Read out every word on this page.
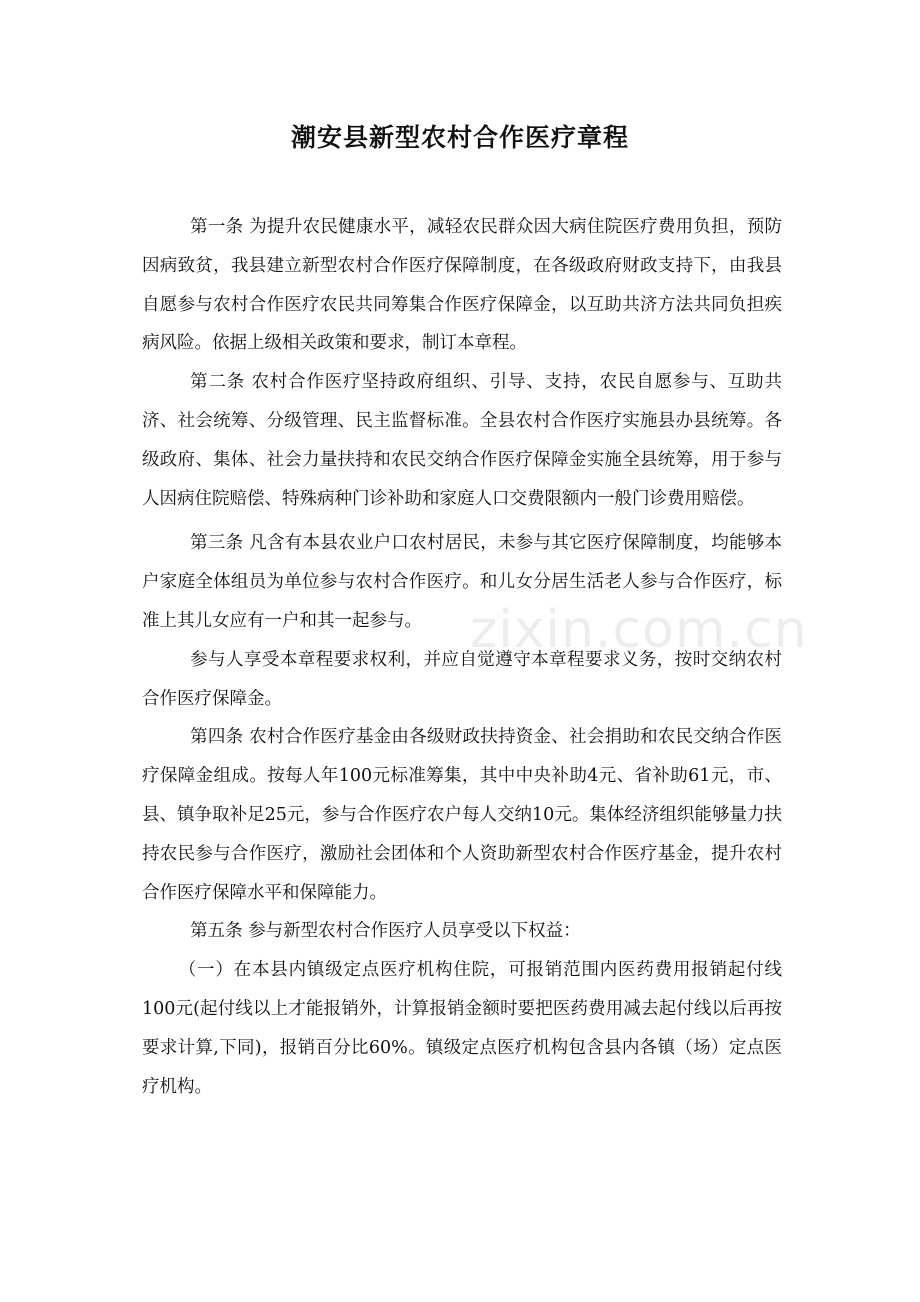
潮安县新型农村合作医疗章程

第一条 为提升农民健康水平，减轻农民群众因大病住院医疗费用负担，预防因病致贫，我县建立新型农村合作医疗保障制度，在各级政府财政支持下，由我县自愿参与农村合作医疗农民共同筹集合作医疗保障金，以互助共济方法共同负担疾病风险。依据上级相关政策和要求，制订本章程。

第二条 农村合作医疗坚持政府组织、引导、支持，农民自愿参与、互助共济、社会统筹、分级管理、民主监督标准。全县农村合作医疗实施县办县统筹。各级政府、集体、社会力量扶持和农民交纳合作医疗保障金实施全县统筹，用于参与人因病住院赔偿、特殊病种门诊补助和家庭人口交费限额内一般门诊费用赔偿。

第三条 凡含有本县农业户口农村居民，未参与其它医疗保障制度，均能够本户家庭全体组员为单位参与农村合作医疗。和儿女分居生活老人参与合作医疗，标准上其儿女应有一户和其一起参与。

参与人享受本章程要求权利，并应自觉遵守本章程要求义务，按时交纳农村合作医疗保障金。

第四条 农村合作医疗基金由各级财政扶持资金、社会捐助和农民交纳合作医疗保障金组成。按每人年100元标准筹集，其中中央补助4元、省补助61元，市、县、镇争取补足25元，参与合作医疗农户每人交纳10元。集体经济组织能够量力扶持农民参与合作医疗，激励社会团体和个人资助新型农村合作医疗基金，提升农村合作医疗保障水平和保障能力。

第五条 参与新型农村合作医疗人员享受以下权益：

（一）在本县内镇级定点医疗机构住院，可报销范围内医药费用报销起付线100元(起付线以上才能报销外，计算报销金额时要把医药费用减去起付线以后再按要求计算,下同)，报销百分比60%。镇级定点医疗机构包含县内各镇（场）定点医疗机构。

zixin.com.cn
